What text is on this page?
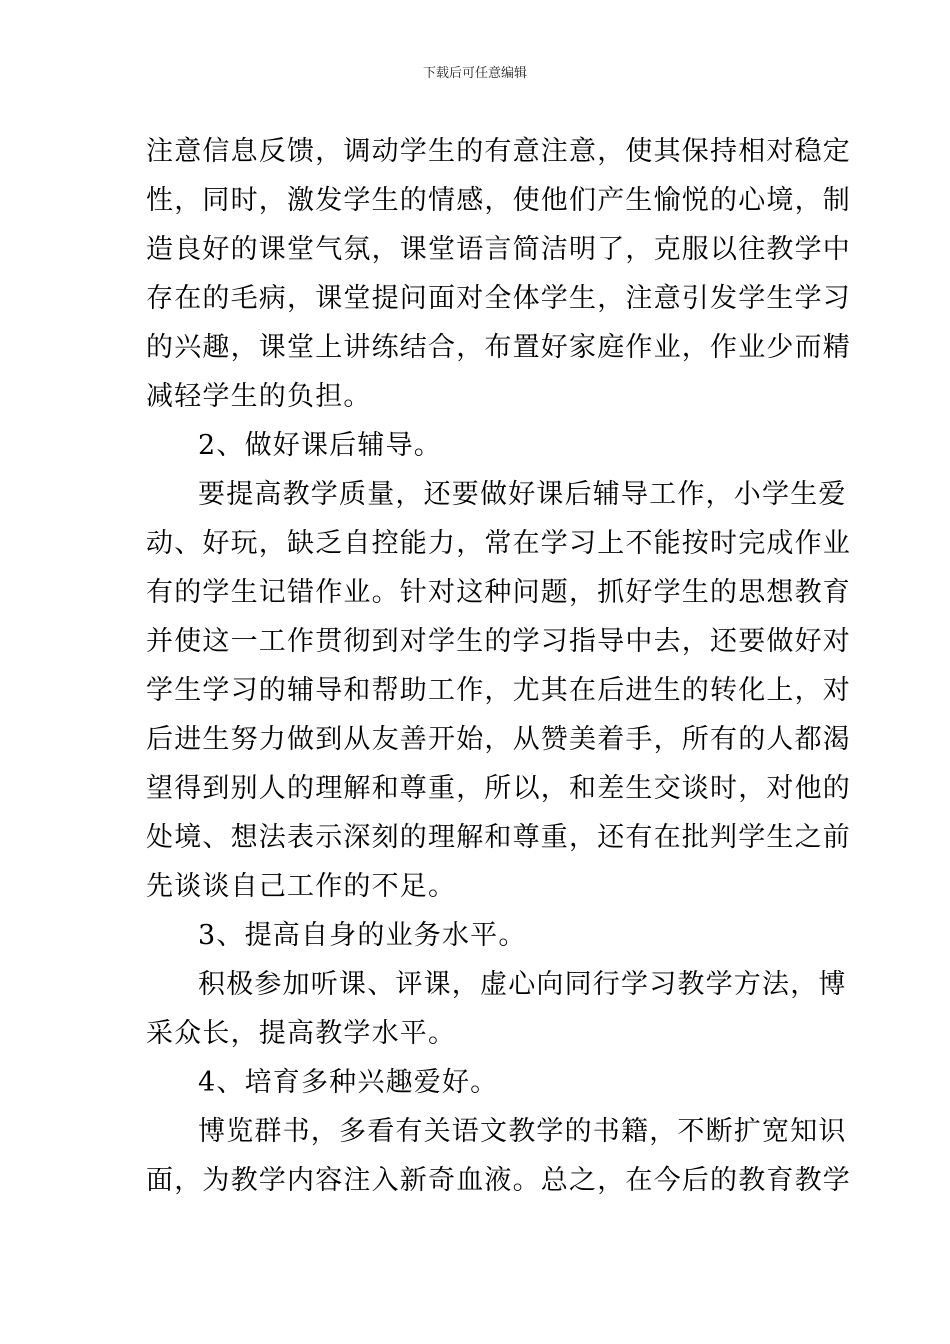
下载后可任意编辑
注意信息反馈，调动学生的有意注意，使其保持相对稳定
性，同时，激发学生的情感，使他们产生愉悦的心境，制
造良好的课堂气氛，课堂语言简洁明了，克服以往教学中
存在的毛病，课堂提问面对全体学生，注意引发学生学习
的兴趣，课堂上讲练结合，布置好家庭作业，作业少而精
减轻学生的负担。
2、做好课后辅导。
要提高教学质量，还要做好课后辅导工作，小学生爱
动、好玩，缺乏自控能力，常在学习上不能按时完成作业
有的学生记错作业。针对这种问题，抓好学生的思想教育
并使这一工作贯彻到对学生的学习指导中去，还要做好对
学生学习的辅导和帮助工作，尤其在后进生的转化上，对
后进生努力做到从友善开始，从赞美着手，所有的人都渴
望得到别人的理解和尊重，所以，和差生交谈时，对他的
处境、想法表示深刻的理解和尊重，还有在批判学生之前
先谈谈自己工作的不足。
3、提高自身的业务水平。
积极参加听课、评课，虚心向同行学习教学方法，博
采众长，提高教学水平。
4、培育多种兴趣爱好。
博览群书，多看有关语文教学的书籍，不断扩宽知识
面，为教学内容注入新奇血液。总之，在今后的教育教学
